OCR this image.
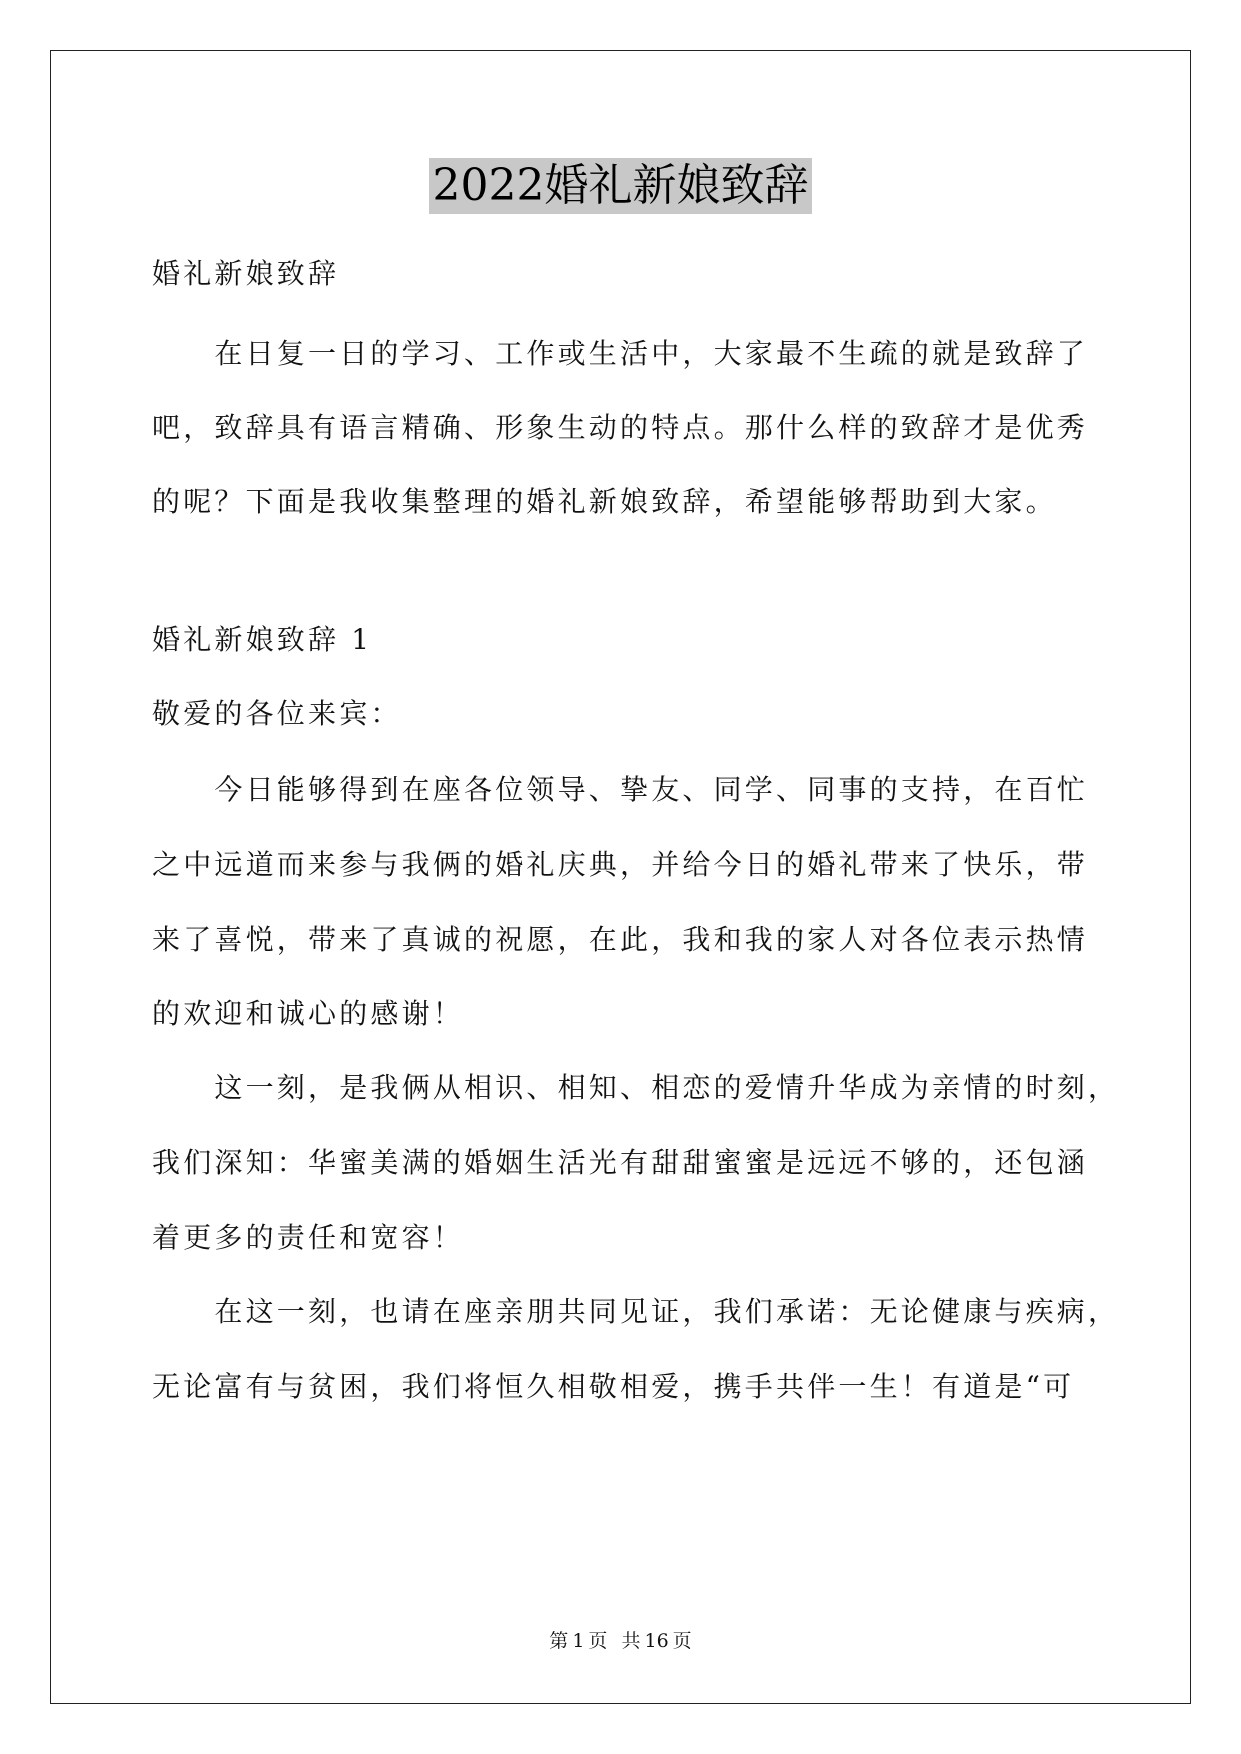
2022婚礼新娘致辞
婚礼新娘致辞
　　在日复一日的学习、工作或生活中，大家最不生疏的就是致辞了
吧，致辞具有语言精确、形象生动的特点。那什么样的致辞才是优秀
的呢？下面是我收集整理的婚礼新娘致辞，希望能够帮助到大家。
婚礼新娘致辞 1
敬爱的各位来宾：
　　今日能够得到在座各位领导、挚友、同学、同事的支持，在百忙
之中远道而来参与我俩的婚礼庆典，并给今日的婚礼带来了快乐，带
来了喜悦，带来了真诚的祝愿，在此，我和我的家人对各位表示热情
的欢迎和诚心的感谢！
　　这一刻，是我俩从相识、相知、相恋的爱情升华成为亲情的时刻，
我们深知：华蜜美满的婚姻生活光有甜甜蜜蜜是远远不够的，还包涵
着更多的责任和宽容！
　　在这一刻，也请在座亲朋共同见证，我们承诺：无论健康与疾病，
无论富有与贫困，我们将恒久相敬相爱，携手共伴一生！有道是“可
第 1 页 共 16 页
